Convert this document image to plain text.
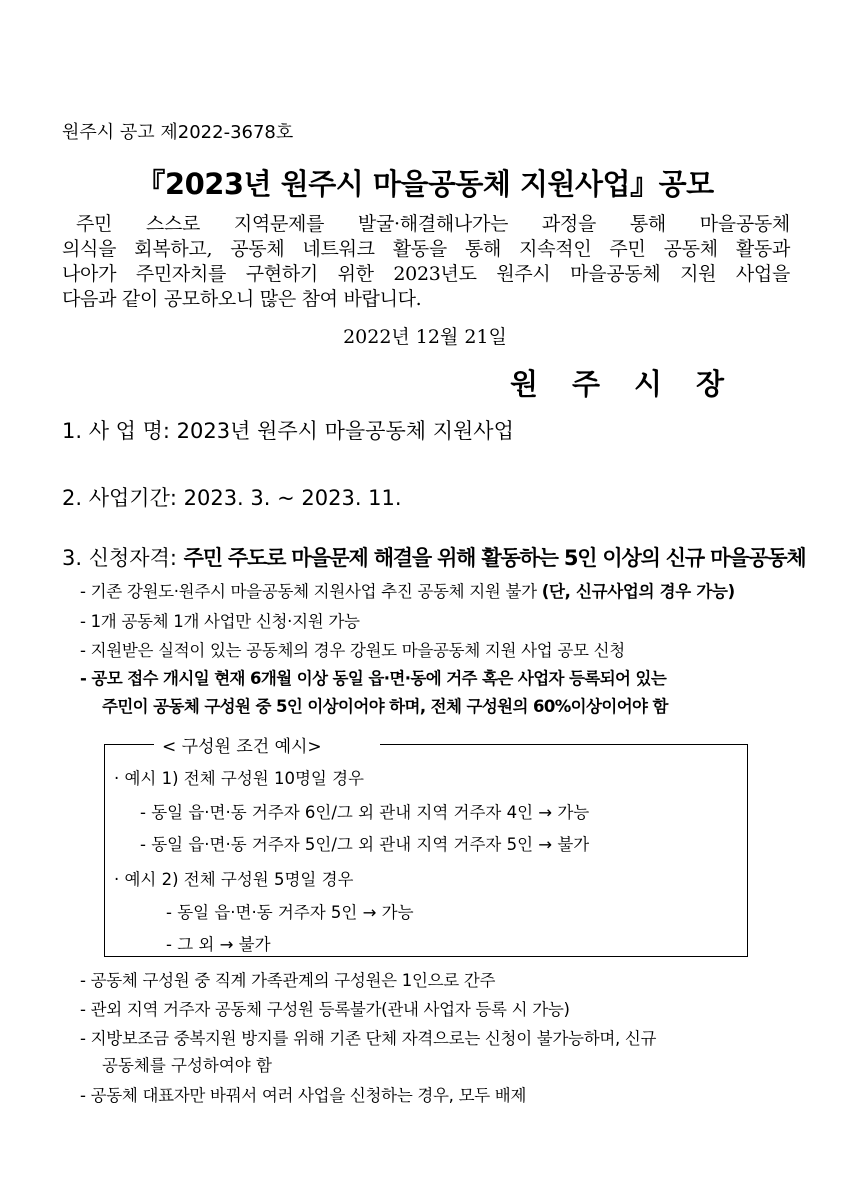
원주시 공고 제2022-3678호
『2023년 원주시 마을공동체 지원사업』공모
주민 스스로 지역문제를 발굴·해결해나가는 과정을 통해 마을공동체
의식을 회복하고, 공동체 네트워크 활동을 통해 지속적인 주민 공동체 활동과
나아가 주민자치를 구현하기 위한 2023년도 원주시 마을공동체 지원 사업을
다음과 같이 공모하오니 많은 참여 바랍니다.
2022년 12월 21일
원주시장
1. 사 업 명: 2023년 원주시 마을공동체 지원사업
2. 사업기간: 2023. 3. ~ 2023. 11.
3. 신청자격: 주민 주도로 마을문제 해결을 위해 활동하는 5인 이상의 신규 마을공동체
- 기존 강원도·원주시 마을공동체 지원사업 추진 공동체 지원 불가 (단, 신규사업의 경우 가능)
- 1개 공동체 1개 사업만 신청·지원 가능
- 지원받은 실적이 있는 공동체의 경우 강원도 마을공동체 지원 사업 공모 신청
- 공모 접수 개시일 현재 6개월 이상 동일 읍·면·동에 거주 혹은 사업자 등록되어 있는
주민이 공동체 구성원 중 5인 이상이어야 하며, 전체 구성원의 60%이상이어야 함
< 구성원 조건 예시>
· 예시 1) 전체 구성원 10명일 경우
- 동일 읍·면·동 거주자 6인/그 외 관내 지역 거주자 4인 → 가능
- 동일 읍·면·동 거주자 5인/그 외 관내 지역 거주자 5인 → 불가
· 예시 2) 전체 구성원 5명일 경우
- 동일 읍·면·동 거주자 5인 → 가능
- 그 외 → 불가
- 공동체 구성원 중 직계 가족관계의 구성원은 1인으로 간주
- 관외 지역 거주자 공동체 구성원 등록불가(관내 사업자 등록 시 가능)
- 지방보조금 중복지원 방지를 위해 기존 단체 자격으로는 신청이 불가능하며, 신규
공동체를 구성하여야 함
- 공동체 대표자만 바꿔서 여러 사업을 신청하는 경우, 모두 배제
